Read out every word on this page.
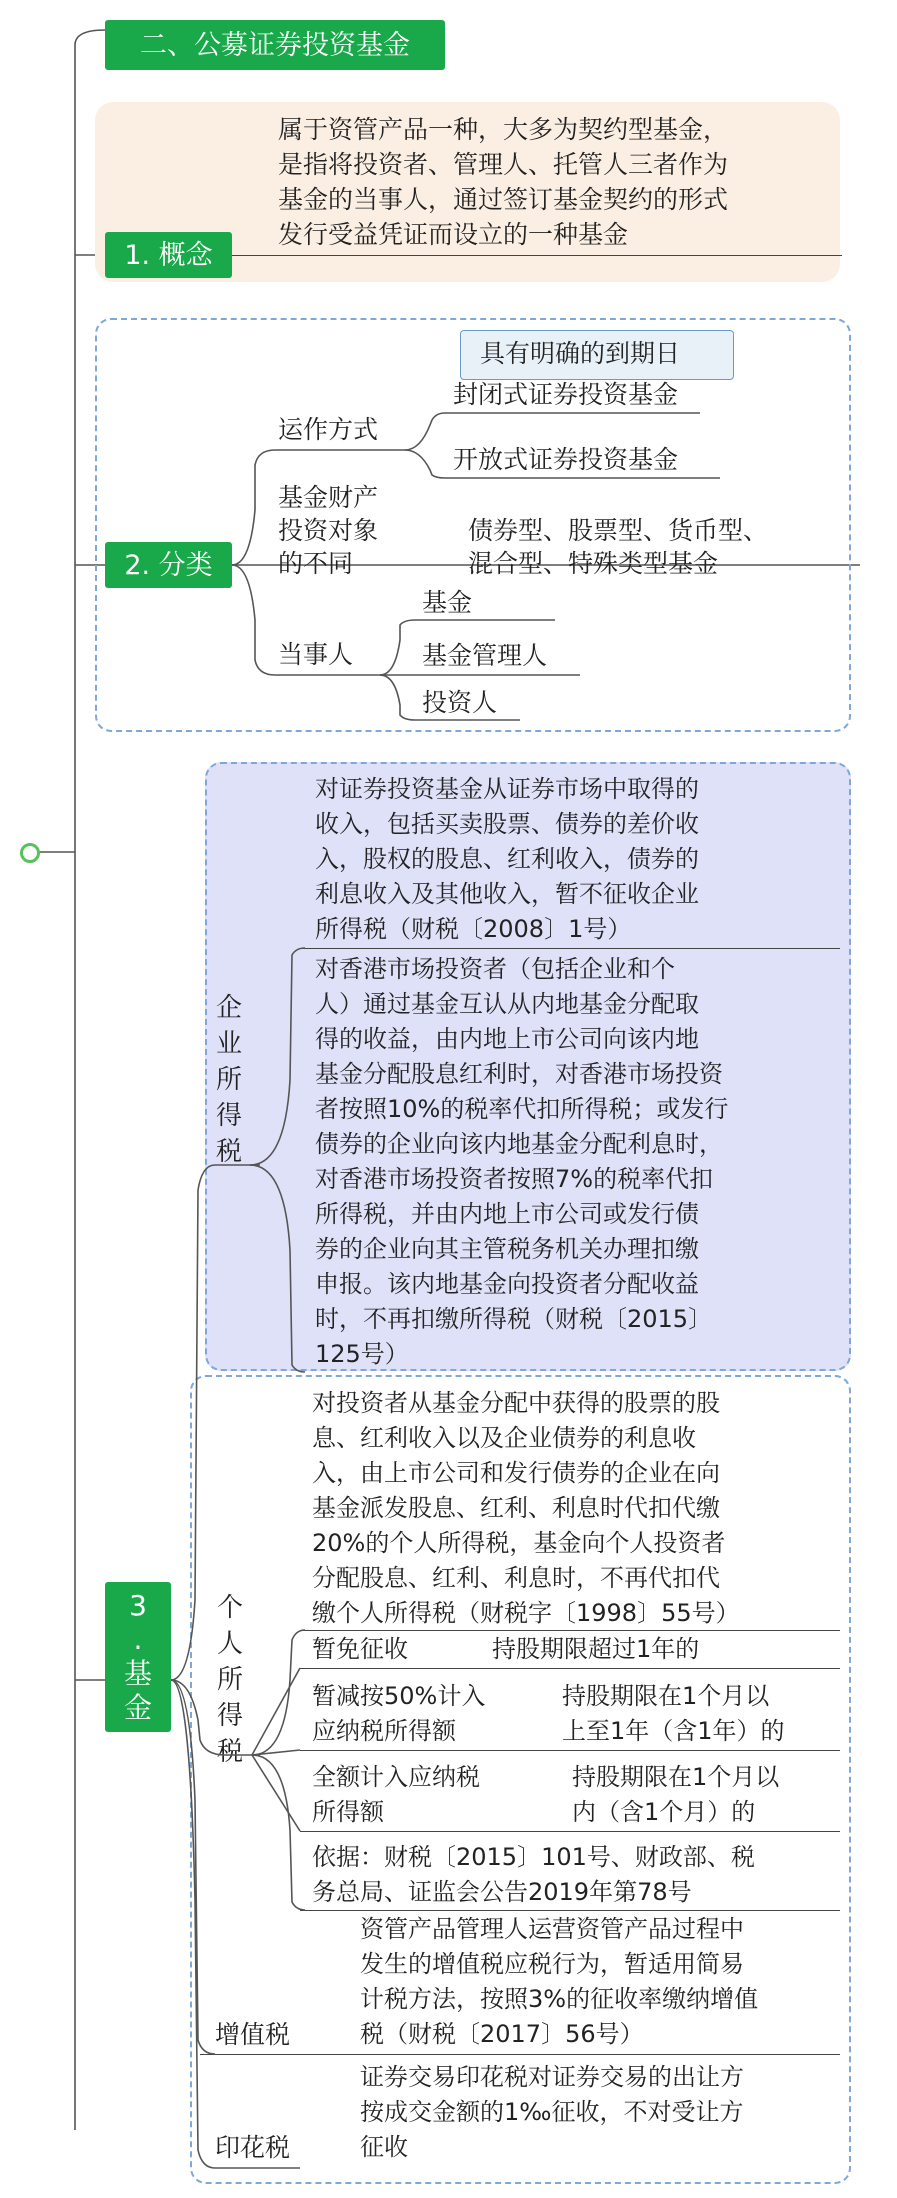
二、公募证券投资基金
属于资管产品一种，大多为契约型基金，
是指将投资者、管理人、托管人三者作为
基金的当事人，通过签订基金契约的形式
发行受益凭证而设立的一种基金
1. 概念
具有明确的到期日
运作方式
封闭式证券投资基金
开放式证券投资基金
基金财产
投资对象
的不同
债券型、股票型、货币型、
混合型、特殊类型基金
当事人
基金
基金管理人
投资人
2. 分类
企
业
所
得
税
对证券投资基金从证券市场中取得的
收入，包括买卖股票、债券的差价收
入，股权的股息、红利收入，债券的
利息收入及其他收入，暂不征收企业
所得税（财税〔2008〕1号）
对香港市场投资者（包括企业和个
人）通过基金互认从内地基金分配取
得的收益，由内地上市公司向该内地
基金分配股息红利时，对香港市场投资
者按照10%的税率代扣所得税；或发行
债券的企业向该内地基金分配利息时，
对香港市场投资者按照7%的税率代扣
所得税，并由内地上市公司或发行债
券的企业向其主管税务机关办理扣缴
申报。该内地基金向投资者分配收益
时，不再扣缴所得税（财税〔2015〕
125号）
个
人
所
得
税
对投资者从基金分配中获得的股票的股
息、红利收入以及企业债券的利息收
入，由上市公司和发行债券的企业在向
基金派发股息、红利、利息时代扣代缴
20%的个人所得税，基金向个人投资者
分配股息、红利、利息时，不再代扣代
缴个人所得税（财税字〔1998〕55号）
暂免征收	持股期限超过1年的
暂减按50%计入
应纳税所得额
持股期限在1个月以
上至1年（含1年）的
全额计入应纳税
所得额
持股期限在1个月以
内（含1个月）的
依据：财税〔2015〕101号、财政部、税
务总局、证监会公告2019年第78号
资管产品管理人运营资管产品过程中
发生的增值税应税行为，暂适用简易
计税方法，按照3%的征收率缴纳增值
税（财税〔2017〕56号）
增值税
证券交易印花税对证券交易的出让方
按成交金额的1‰征收，不对受让方
征收
印花税
3
.
基
金
